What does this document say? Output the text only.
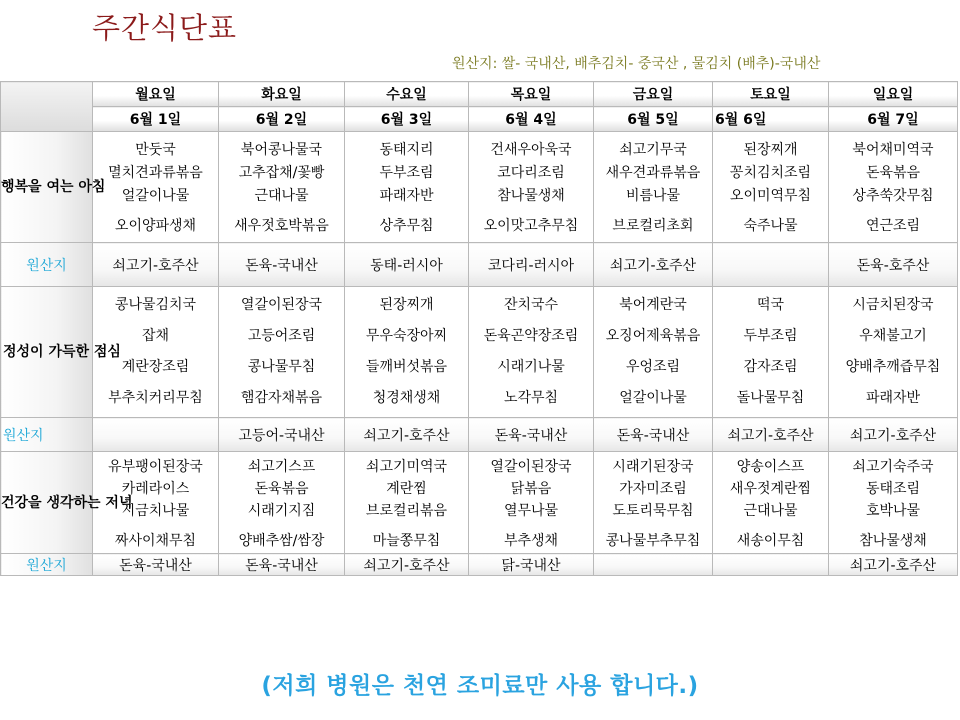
주간식단표
원산지: 쌀- 국내산, 배추김치- 중국산 , 물김치 (배추)-국내산
	월요일	화요일	수요일	목요일	금요일	토요일	일요일
	6월 1일	6월 2일	6월 3일	6월 4일	6월 5일	6월 6일	6월 7일
행복을 여는 아침	만둣국
멸치견과류볶음
얼갈이나물
오이양파생채	북어콩나물국
고추잡채/꽃빵
근대나물
새우젓호박볶음	동태지리
두부조림
파래자반
상추무침	건새우아욱국
코다리조림
참나물생채
오이맛고추무침	쇠고기무국
새우견과류볶음
비름나물
브로컬리초회	된장찌개
꽁치김치조림
오이미역무침
숙주나물	북어채미역국
돈육볶음
상추쑥갓무침
연근조림

원산지	쇠고기-호주산	돈육-국내산	동태-러시아	코다리-러시아	쇠고기-호주산		돈육-호주산
정성이 가득한 점심	콩나물김치국
잡채
계란장조림
부추치커리무침	열갈이된장국
고등어조림
콩나물무침
햄감자채볶음	된장찌개
무우숙장아찌
들깨버섯볶음
청경채생채	잔치국수
돈육곤약장조림
시래기나물
노각무침	북어계란국
오징어제육볶음
우엉조림
얼갈이나물	떡국
두부조림
감자조림
돌나물무침	시금치된장국
우채불고기
양배추깨즙무침
파래자반

원산지		고등어-국내산	쇠고기-호주산	돈육-국내산	돈육-국내산	쇠고기-호주산	쇠고기-호주산
건강을 생각하는 저녁	유부팽이된장국
카레라이스
시금치나물
짜사이채무침	쇠고기스프
돈육볶음
시래기지짐
양배추쌈/쌈장	쇠고기미역국
계란찜
브로컬리볶음
마늘쫑무침	열갈이된장국
닭볶음
열무나물
부추생채	시래기된장국
가자미조림
도토리묵무침
콩나물부추무침	양송이스프
새우젓계란찜
근대나물
새송이무침	쇠고기숙주국
동태조림
호박나물
참나물생채

원산지	돈육-국내산	돈육-국내산	쇠고기-호주산	닭-국내산			쇠고기-호주산
(저희 병원은 천연 조미료만 사용 합니다.)
